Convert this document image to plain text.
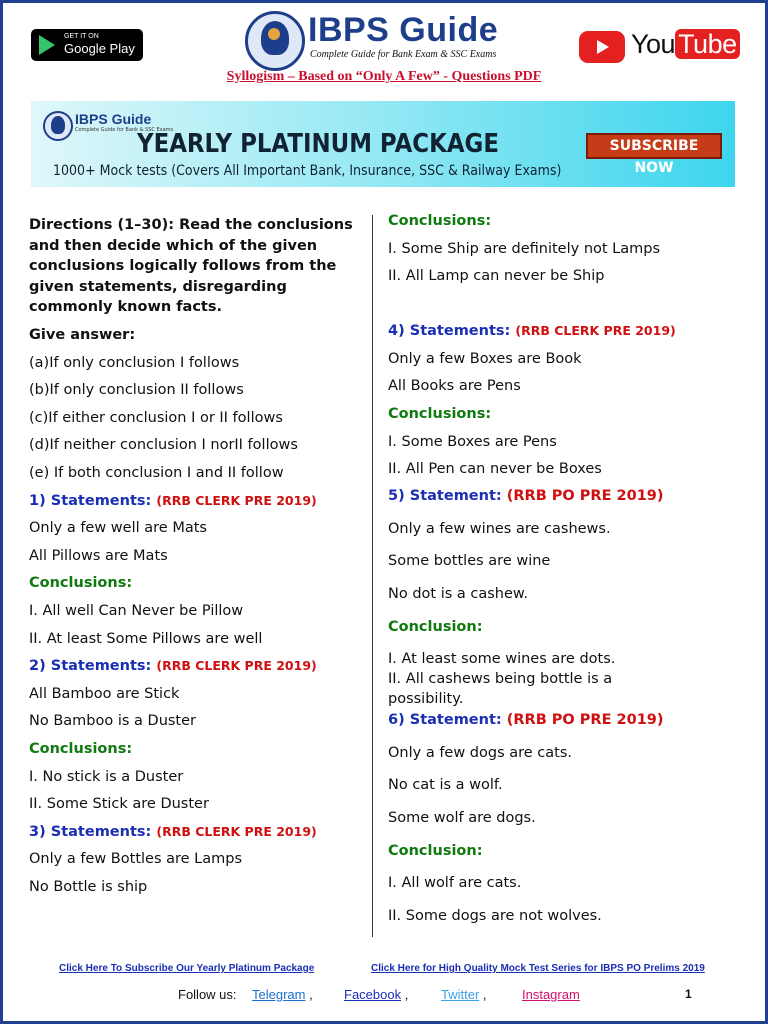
GET IT ON
Google Play	IBPS Guide
Complete Guide for Bank Exam & SSC Exams	You Tube
Syllogism – Based on “Only A Few” - Questions PDF
IBPS Guide
Complete Guide for Bank & SSC Exams
YEARLY PLATINUM PACKAGE
1000+ Mock tests (Covers All Important Bank, Insurance, SSC & Railway Exams)
SUBSCRIBE NOW
Directions (1–30): Read the conclusions and then decide which of the given conclusions logically follows from the given statements, disregarding commonly known facts.
Give answer:
(a)If only conclusion I follows
(b)If only conclusion II follows
(c)If either conclusion I or II follows
(d)If neither conclusion I norII follows
(e) If both conclusion I and II follow
1) Statements: (RRB CLERK PRE 2019)
Only a few well are Mats
All Pillows are Mats
Conclusions:
I. All well Can Never be Pillow
II. At least Some Pillows are well
2) Statements: (RRB CLERK PRE 2019)
All Bamboo are Stick
No Bamboo is a Duster
Conclusions:
I. No stick is a Duster
II. Some Stick are Duster
3) Statements: (RRB CLERK PRE 2019)
Only a few Bottles are Lamps
No Bottle is ship
Conclusions:
I. Some Ship are definitely not Lamps
II. All Lamp can never be Ship
4) Statements: (RRB CLERK PRE 2019)
Only a few Boxes are Book
All Books are Pens
Conclusions:
I. Some Boxes are Pens
II. All Pen can never be Boxes
5) Statement: (RRB PO PRE 2019)
Only a few wines are cashews.
Some bottles are wine
No dot is a cashew.
Conclusion:
I. At least some wines are dots.
II. All cashews being bottle is a
possibility.
6) Statement: (RRB PO PRE 2019)
Only a few dogs are cats.
No cat is a wolf.
Some wolf are dogs.
Conclusion:
I. All wolf are cats.
II. Some dogs are not wolves.
Click Here To Subscribe Our Yearly Platinum Package	Click Here for High Quality Mock Test Series for IBPS PO Prelims 2019
Follow us: Telegram , Facebook ,	Twitter ,	Instagram	1
